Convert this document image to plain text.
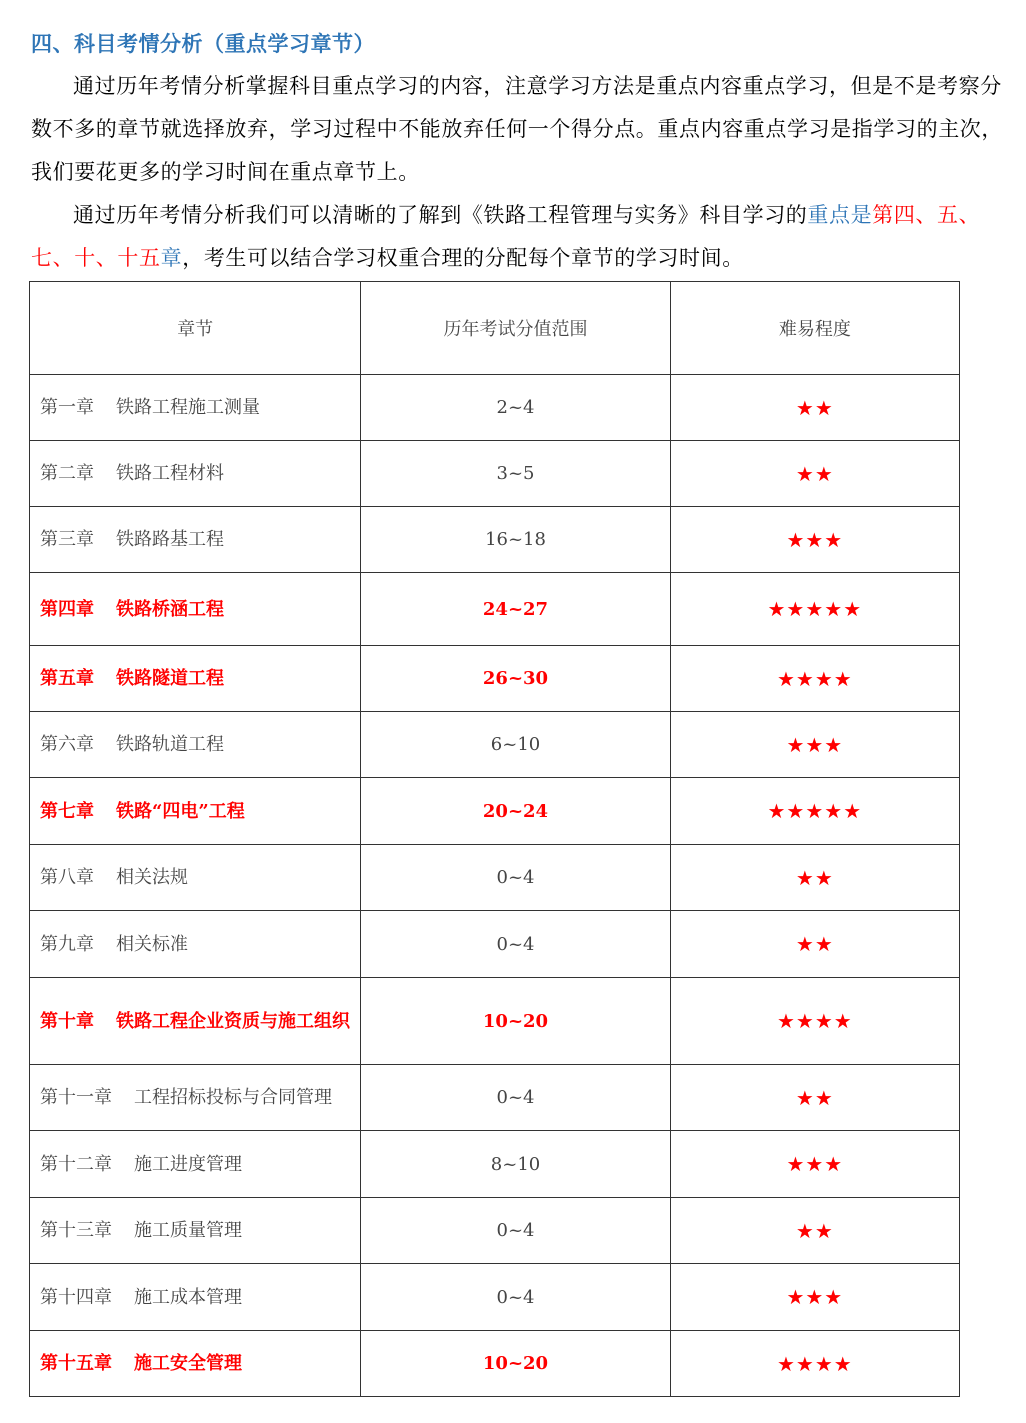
四、科目考情分析（重点学习章节）
通过历年考情分析掌握科目重点学习的内容，注意学习方法是重点内容重点学习，但是不是考察分数不多的章节就选择放弃，学习过程中不能放弃任何一个得分点。重点内容重点学习是指学习的主次，我们要花更多的学习时间在重点章节上。
通过历年考情分析我们可以清晰的了解到《铁路工程管理与实务》科目学习的重点是第四、五、七、十、十五章，考生可以结合学习权重合理的分配每个章节的学习时间。
章节	历年考试分值范围	难易程度
第一章 铁路工程施工测量	2~4	★★
第二章 铁路工程材料	3~5	★★
第三章 铁路路基工程	16~18	★★★
第四章 铁路桥涵工程	24~27	★★★★★
第五章 铁路隧道工程	26~30	★★★★
第六章 铁路轨道工程	6~10	★★★
第七章 铁路“四电”工程	20~24	★★★★★
第八章 相关法规	0~4	★★
第九章 相关标准	0~4	★★
第十章 铁路工程企业资质与施工组织	10~20	★★★★
第十一章 工程招标投标与合同管理	0~4	★★
第十二章 施工进度管理	8~10	★★★
第十三章 施工质量管理	0~4	★★
第十四章 施工成本管理	0~4	★★★
第十五章 施工安全管理	10~20	★★★★
